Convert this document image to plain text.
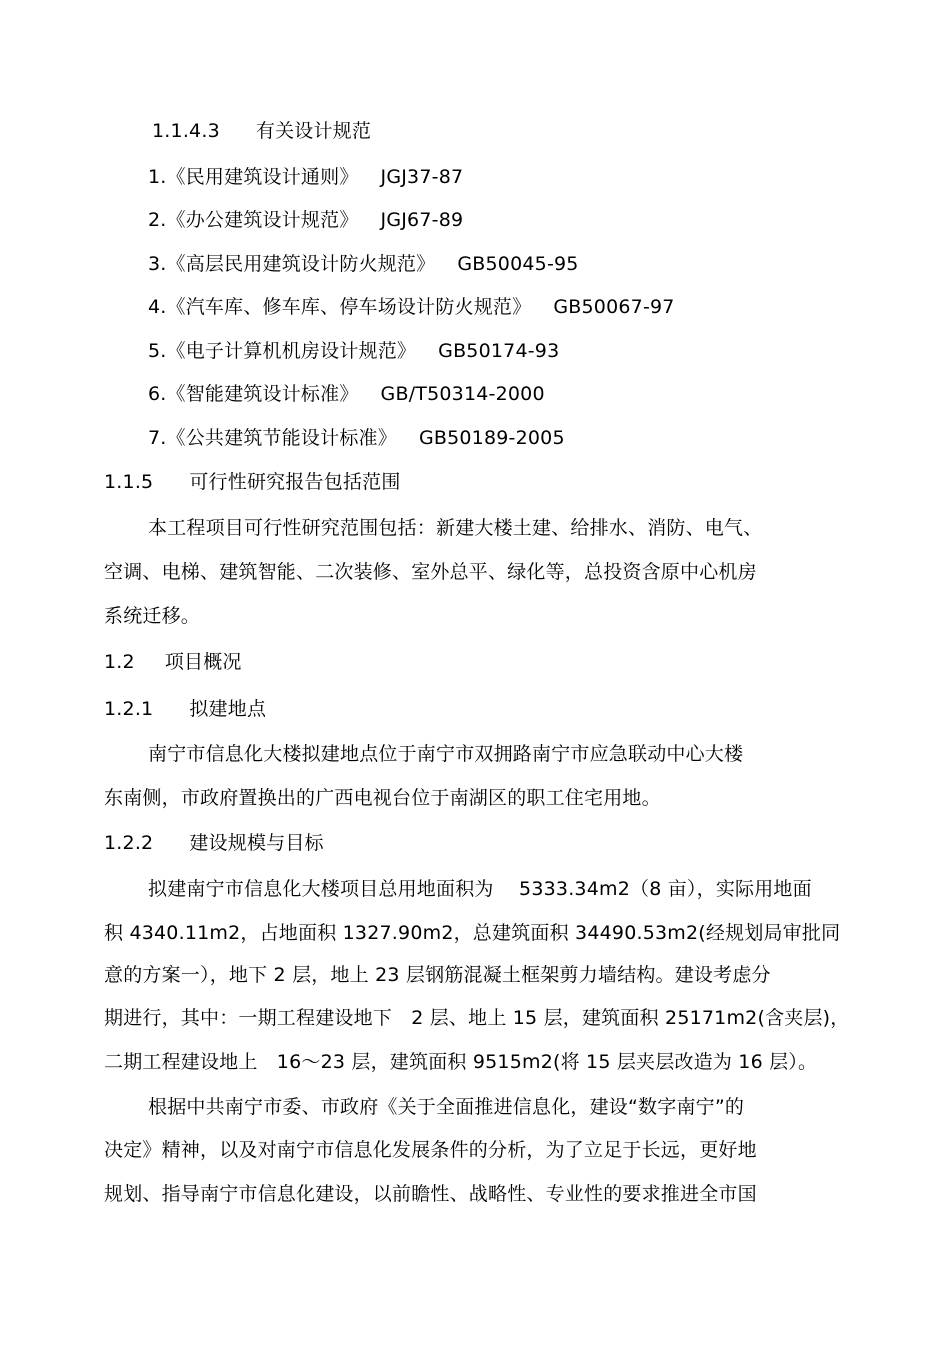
1.1.4.3 有关设计规范
1.《民用建筑设计通则》 JGJ37-87
2.《办公建筑设计规范》 JGJ67-89
3.《高层民用建筑设计防火规范》 GB50045-95
4.《汽车库、修车库、停车场设计防火规范》 GB50067-97
5.《电子计算机机房设计规范》 GB50174-93
6.《智能建筑设计标准》 GB/T50314-2000
7.《公共建筑节能设计标准》 GB50189-2005
1.1.5 可行性研究报告包括范围
本工程项目可行性研究范围包括：新建大楼土建、给排水、消防、电气、
空调、电梯、建筑智能、二次装修、室外总平、绿化等，总投资含原中心机房
系统迁移。
1.2 项目概况
1.2.1 拟建地点
南宁市信息化大楼拟建地点位于南宁市双拥路南宁市应急联动中心大楼
东南侧，市政府置换出的广西电视台位于南湖区的职工住宅用地。
1.2.2 建设规模与目标
拟建南宁市信息化大楼项目总用地面积为　 5333.34m2（8 亩），实际用地面
积 4340.11m2，占地面积 1327.90m2，总建筑面积 34490.53m2(经规划局审批同
意的方案一），地下 2 层，地上 23 层钢筋混凝土框架剪力墙结构。建设考虑分
期进行，其中：一期工程建设地下　2 层、地上 15 层，建筑面积 25171m2(含夹层)，
二期工程建设地上　16～23 层，建筑面积 9515m2(将 15 层夹层改造为 16 层）。
根据中共南宁市委、市政府《关于全面推进信息化，建设“数字南宁”的
决定》精神，以及对南宁市信息化发展条件的分析，为了立足于长远，更好地
规划、指导南宁市信息化建设，以前瞻性、战略性、专业性的要求推进全市国
